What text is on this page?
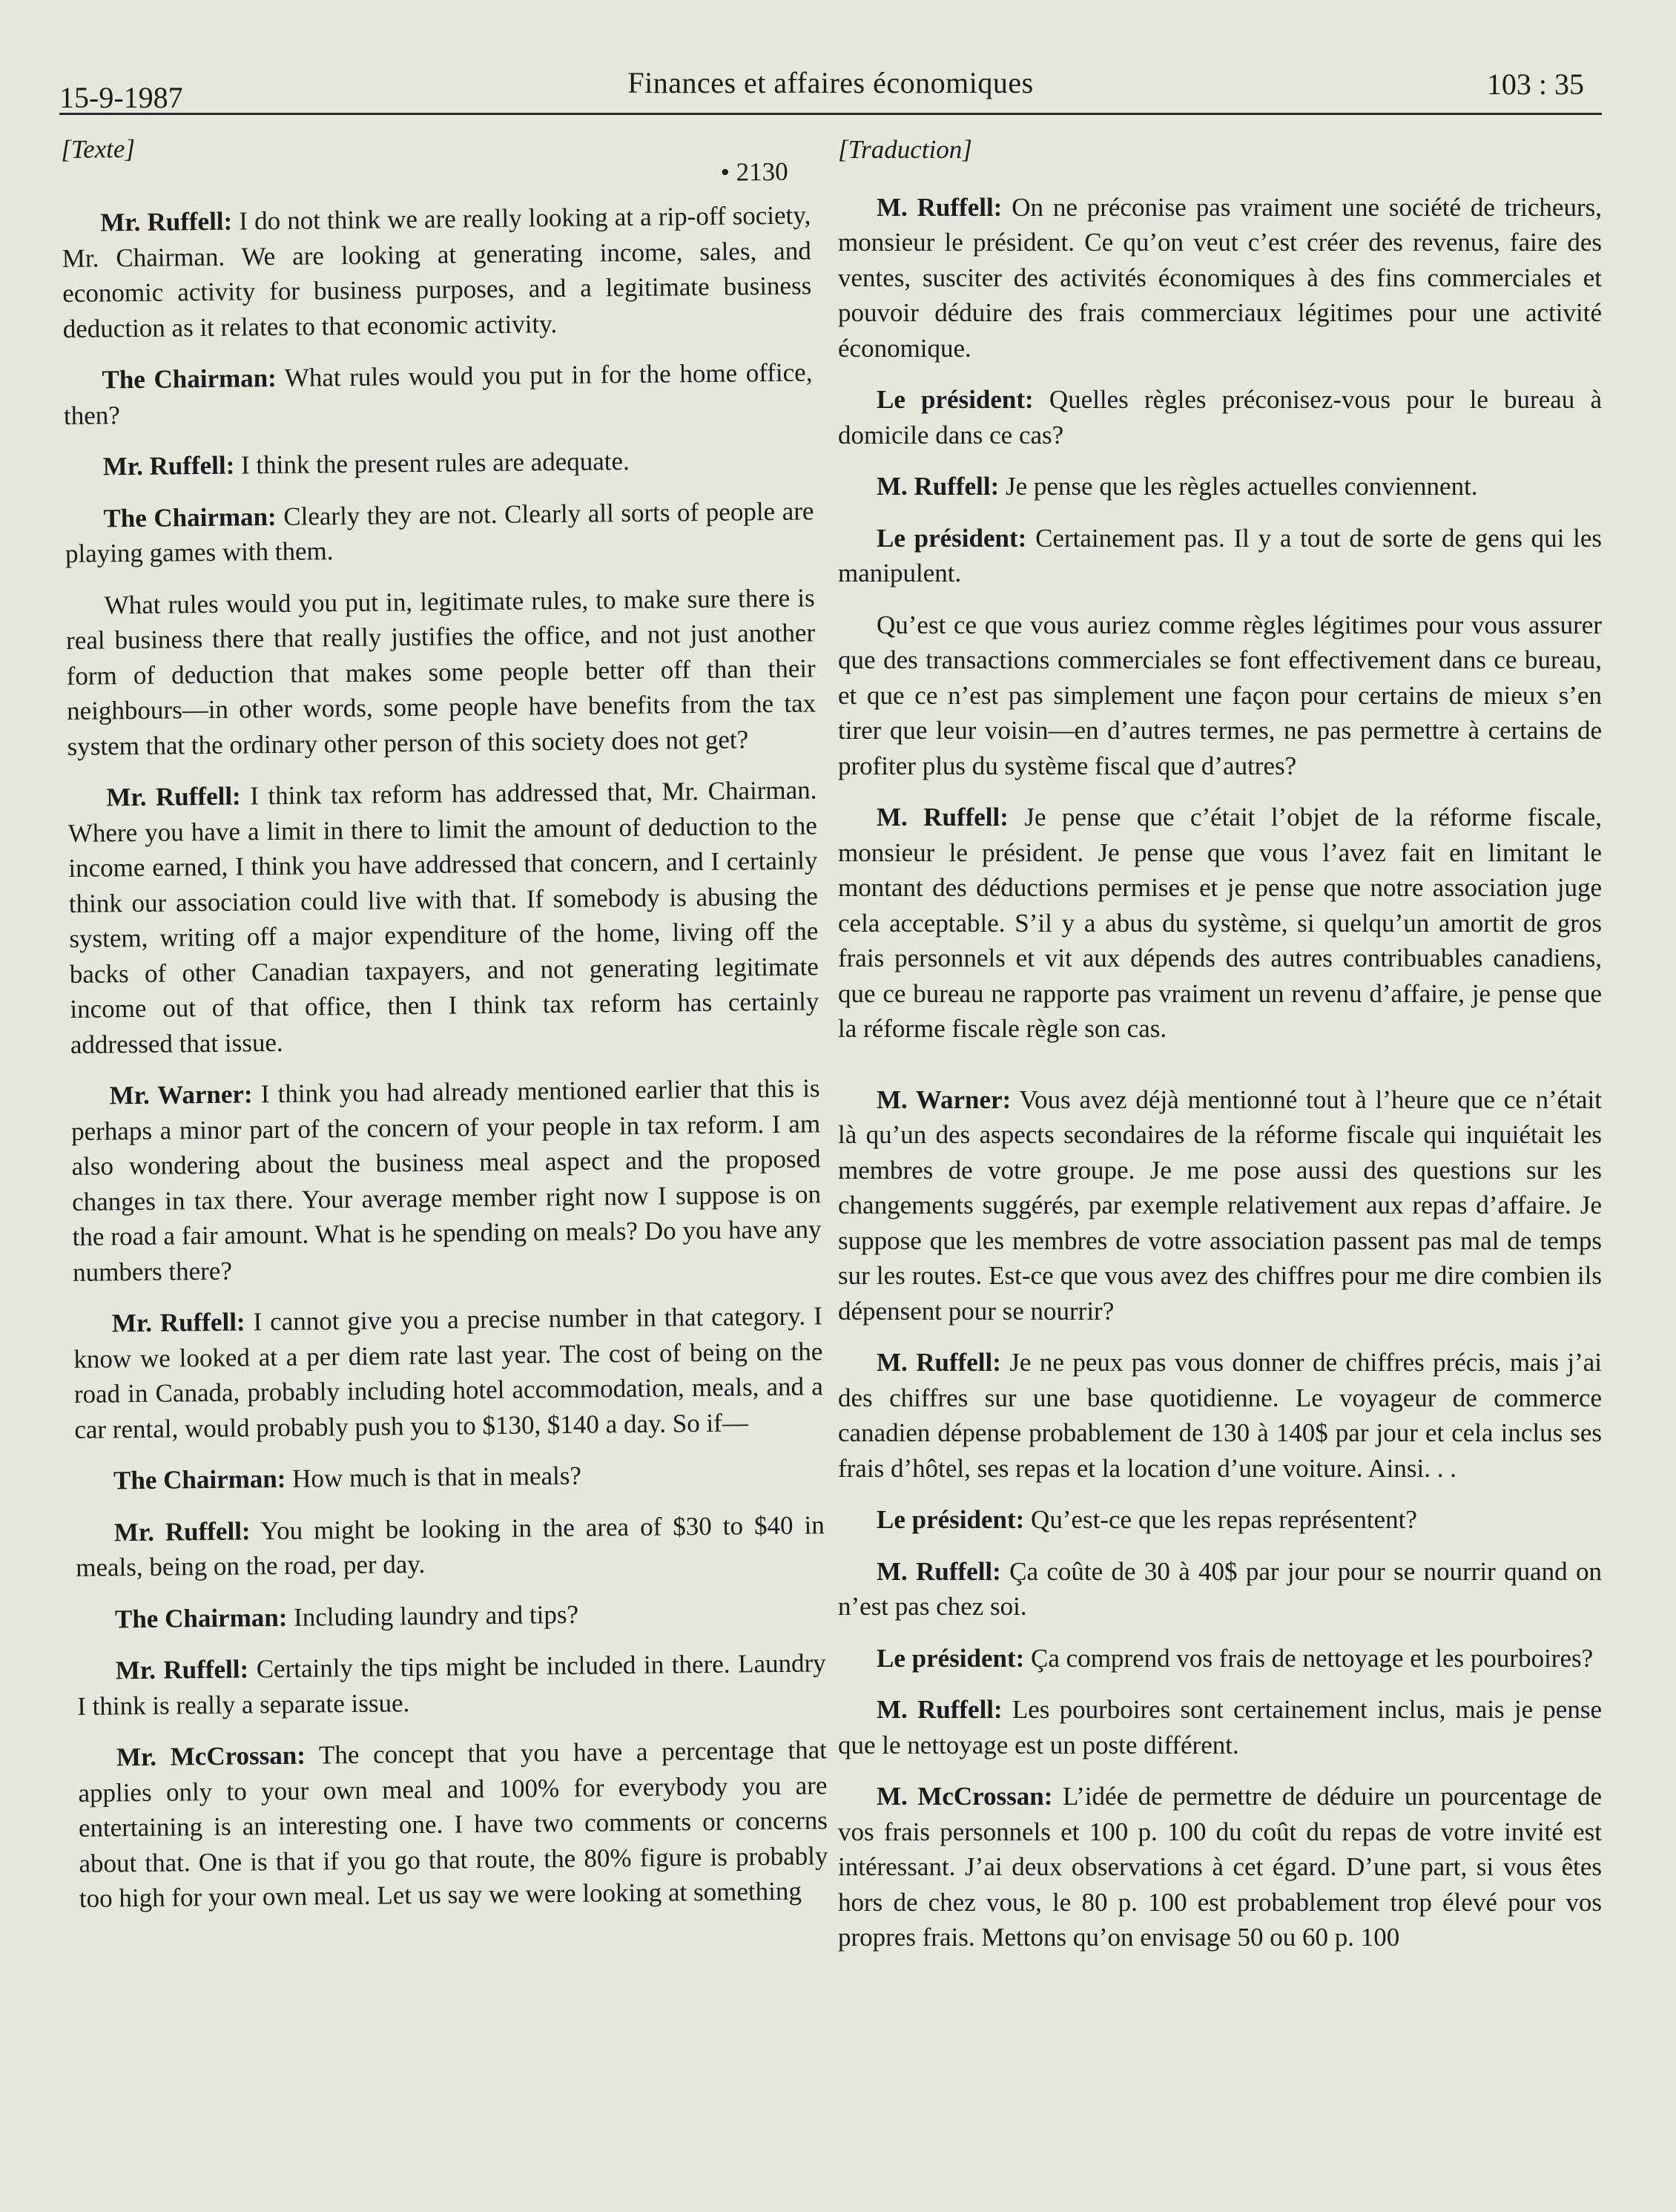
15-9-1987	Finances et affaires économiques	103 : 35
[Texte]
• 2130

Mr. Ruffell: I do not think we are really looking at a rip-off society, Mr. Chairman. We are looking at generating income, sales, and economic activity for business purposes, and a legitimate business deduction as it relates to that economic activity.

The Chairman: What rules would you put in for the home office, then?

Mr. Ruffell: I think the present rules are adequate.

The Chairman: Clearly they are not. Clearly all sorts of people are playing games with them.

What rules would you put in, legitimate rules, to make sure there is real business there that really justifies the office, and not just another form of deduction that makes some people better off than their neighbours—in other words, some people have benefits from the tax system that the ordinary other person of this society does not get?

Mr. Ruffell: I think tax reform has addressed that, Mr. Chairman. Where you have a limit in there to limit the amount of deduction to the income earned, I think you have addressed that concern, and I certainly think our association could live with that. If somebody is abusing the system, writing off a major expenditure of the home, living off the backs of other Canadian taxpayers, and not generating legitimate income out of that office, then I think tax reform has certainly addressed that issue.

Mr. Warner: I think you had already mentioned earlier that this is perhaps a minor part of the concern of your people in tax reform. I am also wondering about the business meal aspect and the proposed changes in tax there. Your average member right now I suppose is on the road a fair amount. What is he spending on meals? Do you have any numbers there?

Mr. Ruffell: I cannot give you a precise number in that category. I know we looked at a per diem rate last year. The cost of being on the road in Canada, probably including hotel accommodation, meals, and a car rental, would probably push you to $130, $140 a day. So if—

The Chairman: How much is that in meals?

Mr. Ruffell: You might be looking in the area of $30 to $40 in meals, being on the road, per day.

The Chairman: Including laundry and tips?

Mr. Ruffell: Certainly the tips might be included in there. Laundry I think is really a separate issue.

Mr. McCrossan: The concept that you have a percentage that applies only to your own meal and 100% for everybody you are entertaining is an interesting one. I have two comments or concerns about that. One is that if you go that route, the 80% figure is probably too high for your own meal. Let us say we were looking at something

[Traduction]

M. Ruffell: On ne préconise pas vraiment une société de tricheurs, monsieur le président. Ce qu’on veut c’est créer des revenus, faire des ventes, susciter des activités économiques à des fins commerciales et pouvoir déduire des frais commerciaux légitimes pour une activité économique.

Le président: Quelles règles préconisez-vous pour le bureau à domicile dans ce cas?

M. Ruffell: Je pense que les règles actuelles conviennent.

Le président: Certainement pas. Il y a tout de sorte de gens qui les manipulent.

Qu’est ce que vous auriez comme règles légitimes pour vous assurer que des transactions commerciales se font effectivement dans ce bureau, et que ce n’est pas simplement une façon pour certains de mieux s’en tirer que leur voisin—en d’autres termes, ne pas permettre à certains de profiter plus du système fiscal que d’autres?

M. Ruffell: Je pense que c’était l’objet de la réforme fiscale, monsieur le président. Je pense que vous l’avez fait en limitant le montant des déductions permises et je pense que notre association juge cela acceptable. S’il y a abus du système, si quelqu’un amortit de gros frais personnels et vit aux dépends des autres contribuables canadiens, que ce bureau ne rapporte pas vraiment un revenu d’affaire, je pense que la réforme fiscale règle son cas.

M. Warner: Vous avez déjà mentionné tout à l’heure que ce n’était là qu’un des aspects secondaires de la réforme fiscale qui inquiétait les membres de votre groupe. Je me pose aussi des questions sur les changements suggérés, par exemple relativement aux repas d’affaire. Je suppose que les membres de votre association passent pas mal de temps sur les routes. Est-ce que vous avez des chiffres pour me dire combien ils dépensent pour se nourrir?

M. Ruffell: Je ne peux pas vous donner de chiffres précis, mais j’ai des chiffres sur une base quotidienne. Le voyageur de commerce canadien dépense probablement de 130 à 140$ par jour et cela inclus ses frais d’hôtel, ses repas et la location d’une voiture. Ainsi. . .

Le président: Qu’est-ce que les repas représentent?

M. Ruffell: Ça coûte de 30 à 40$ par jour pour se nourrir quand on n’est pas chez soi.

Le président: Ça comprend vos frais de nettoyage et les pourboires?

M. Ruffell: Les pourboires sont certainement inclus, mais je pense que le nettoyage est un poste différent.

M. McCrossan: L’idée de permettre de déduire un pourcentage de vos frais personnels et 100 p. 100 du coût du repas de votre invité est intéressant. J’ai deux observations à cet égard. D’une part, si vous êtes hors de chez vous, le 80 p. 100 est probablement trop élevé pour vos propres frais. Mettons qu’on envisage 50 ou 60 p. 100
